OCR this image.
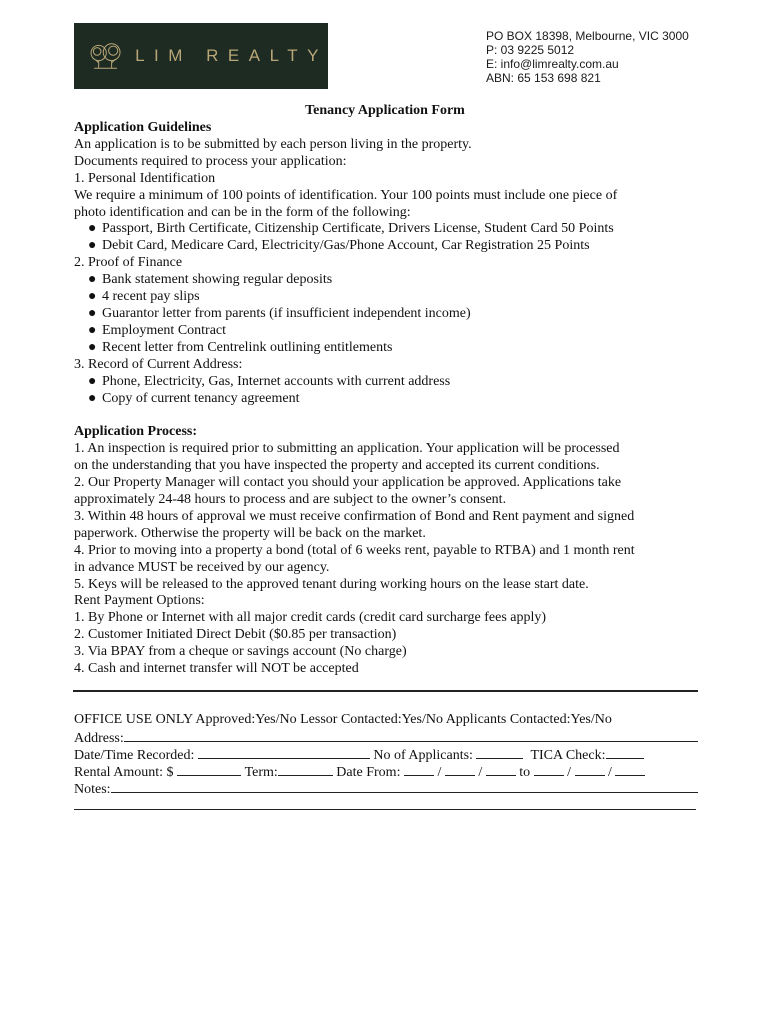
LIM REALTY
PO BOX 18398, Melbourne, VIC 3000
P: 03 9225 5012
E: info@limrealty.com.au
ABN: 65 153 698 821
Tenancy Application Form
Application Guidelines
An application is to be submitted by each person living in the property.
Documents required to process your application:
1. Personal Identification
We require a minimum of 100 points of identification. Your 100 points must include one piece of
photo identification and can be in the form of the following:
● Passport, Birth Certificate, Citizenship Certificate, Drivers License, Student Card 50 Points
● Debit Card, Medicare Card, Electricity/Gas/Phone Account, Car Registration 25 Points
2. Proof of Finance
● Bank statement showing regular deposits
● 4 recent pay slips
● Guarantor letter from parents (if insufficient independent income)
● Employment Contract
● Recent letter from Centrelink outlining entitlements
3. Record of Current Address:
● Phone, Electricity, Gas, Internet accounts with current address
● Copy of current tenancy agreement
Application Process:
1. An inspection is required prior to submitting an application. Your application will be processed
on the understanding that you have inspected the property and accepted its current conditions.
2. Our Property Manager will contact you should your application be approved. Applications take
approximately 24-48 hours to process and are subject to the owner’s consent.
3. Within 48 hours of approval we must receive confirmation of Bond and Rent payment and signed
paperwork. Otherwise the property will be back on the market.
4. Prior to moving into a property a bond (total of 6 weeks rent, payable to RTBA) and 1 month rent
in advance MUST be received by our agency.
5. Keys will be released to the approved tenant during working hours on the lease start date.
Rent Payment Options:
1. By Phone or Internet with all major credit cards (credit card surcharge fees apply)
2. Customer Initiated Direct Debit ($0.85 per transaction)
3. Via BPAY from a cheque or savings account (No charge)
4. Cash and internet transfer will NOT be accepted
OFFICE USE ONLY Approved:Yes/No Lessor Contacted:Yes/No Applicants Contacted:Yes/No
Address:
Date/Time Recorded:

	No of Applicants:

	TICA Check:
Rental Amount: $

	Term:
	Date From:

	/

	/

	to

	/

	/

Notes:
